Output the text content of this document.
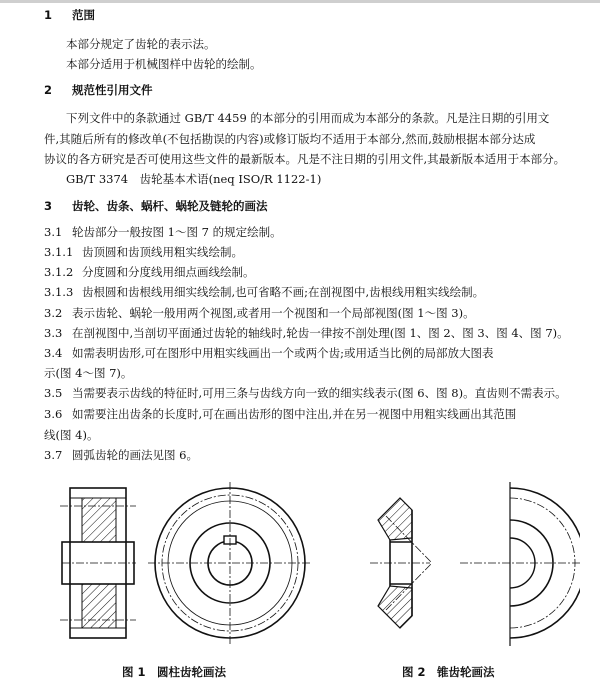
1 范围
本部分规定了齿轮的表示法。
本部分适用于机械图样中齿轮的绘制。
2 规范性引用文件
下列文件中的条款通过 GB/T 4459 的本部分的引用而成为本部分的条款。凡是注日期的引用文
件,其随后所有的修改单(不包括勘误的内容)或修订版均不适用于本部分,然而,鼓励根据本部分达成
协议的各方研究是否可使用这些文件的最新版本。凡是不注日期的引用文件,其最新版本适用于本部分。
GB/T 3374　齿轮基本术语(neq ISO/R 1122-1)
3 齿轮、齿条、蜗杆、蜗轮及链轮的画法
3.1 轮齿部分一般按图 1～图 7 的规定绘制。
3.1.1 齿顶圆和齿顶线用粗实线绘制。
3.1.2 分度圆和分度线用细点画线绘制。
3.1.3 齿根圆和齿根线用细实线绘制,也可省略不画;在剖视图中,齿根线用粗实线绘制。
3.2 表示齿轮、蜗轮一般用两个视图,或者用一个视图和一个局部视图(图 1～图 3)。
3.3 在剖视图中,当剖切平面通过齿轮的轴线时,轮齿一律按不剖处理(图 1、图 2、图 3、图 4、图 7)。
3.4 如需表明齿形,可在图形中用粗实线画出一个或两个齿;或用适当比例的局部放大图表
示(图 4～图 7)。
3.5 当需要表示齿线的特征时,可用三条与齿线方向一致的细实线表示(图 6、图 8)。直齿则不需表示。
3.6 如需要注出齿条的长度时,可在画出齿形的图中注出,并在另一视图中用粗实线画出其范围
线(图 4)。
3.7 圆弧齿轮的画法见图 6。
图 1　圆柱齿轮画法	图 2　锥齿轮画法
